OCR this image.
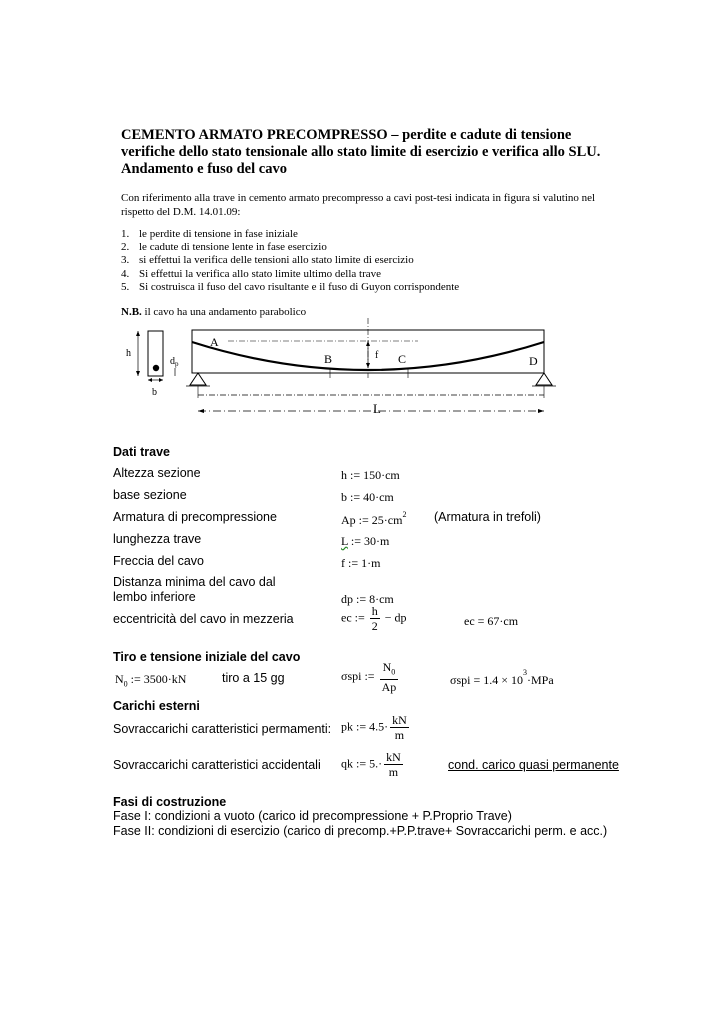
CEMENTO ARMATO PRECOMPRESSO – perdite e cadute di tensione verifiche dello stato tensionale allo stato limite di esercizio e verifica allo SLU. Andamento e fuso del cavo
Con riferimento alla trave in cemento armato precompresso a cavi post-tesi indicata in figura si valutino nel rispetto del D.M. 14.01.09:
1. le perdite di tensione in fase iniziale
2. le cadute di tensione lente in fase esercizio
3. si effettui la verifica delle tensioni allo stato limite di esercizio
4. Si effettui la verifica allo stato limite ultimo della trave
5. Si costruisca il fuso del cavo risultante e il fuso di Guyon corrispondente
N.B. il cavo ha una andamento parabolico
h
$d_p$
b
A
B	C	D
f
L
Dati trave
Altezza sezione	h := 150·cm
base sezione	b := 40·cm
Armatura di precompressione	Ap := $25\cdot cm^2$ (Armatura in trefoli)
lunghezza trave	L := 30·m
Freccia del cavo	f := 1·m
Distanza minima del cavo dal
lembo inferiore	dp := 8·cm
eccentricità del cavo in mezzeria	ec := $\frac{h}{2}$ − dp	ec = 67·cm
Tiro e tensione iniziale del cavo
$N_0$ := 3500·kN	tiro a 15 gg	σspi := $\frac{N_0}{Ap}$	$\sigma spi = 1.4 \times 10^3\cdot MPa$
Carichi esterni
Sovraccarichi caratteristici permamenti: pk := $4.5\cdot \frac{kN}{m}$
Sovraccarichi caratteristici accidentali qk := $5.\cdot \frac{kN}{m}$	cond. carico quasi permanente
Fasi di costruzione
Fase I: condizioni a vuoto (carico id precompressione + P.Proprio Trave)
Fase II: condizioni di esercizio (carico di precomp.+P.P.trave+ Sovraccarichi perm. e acc.)
